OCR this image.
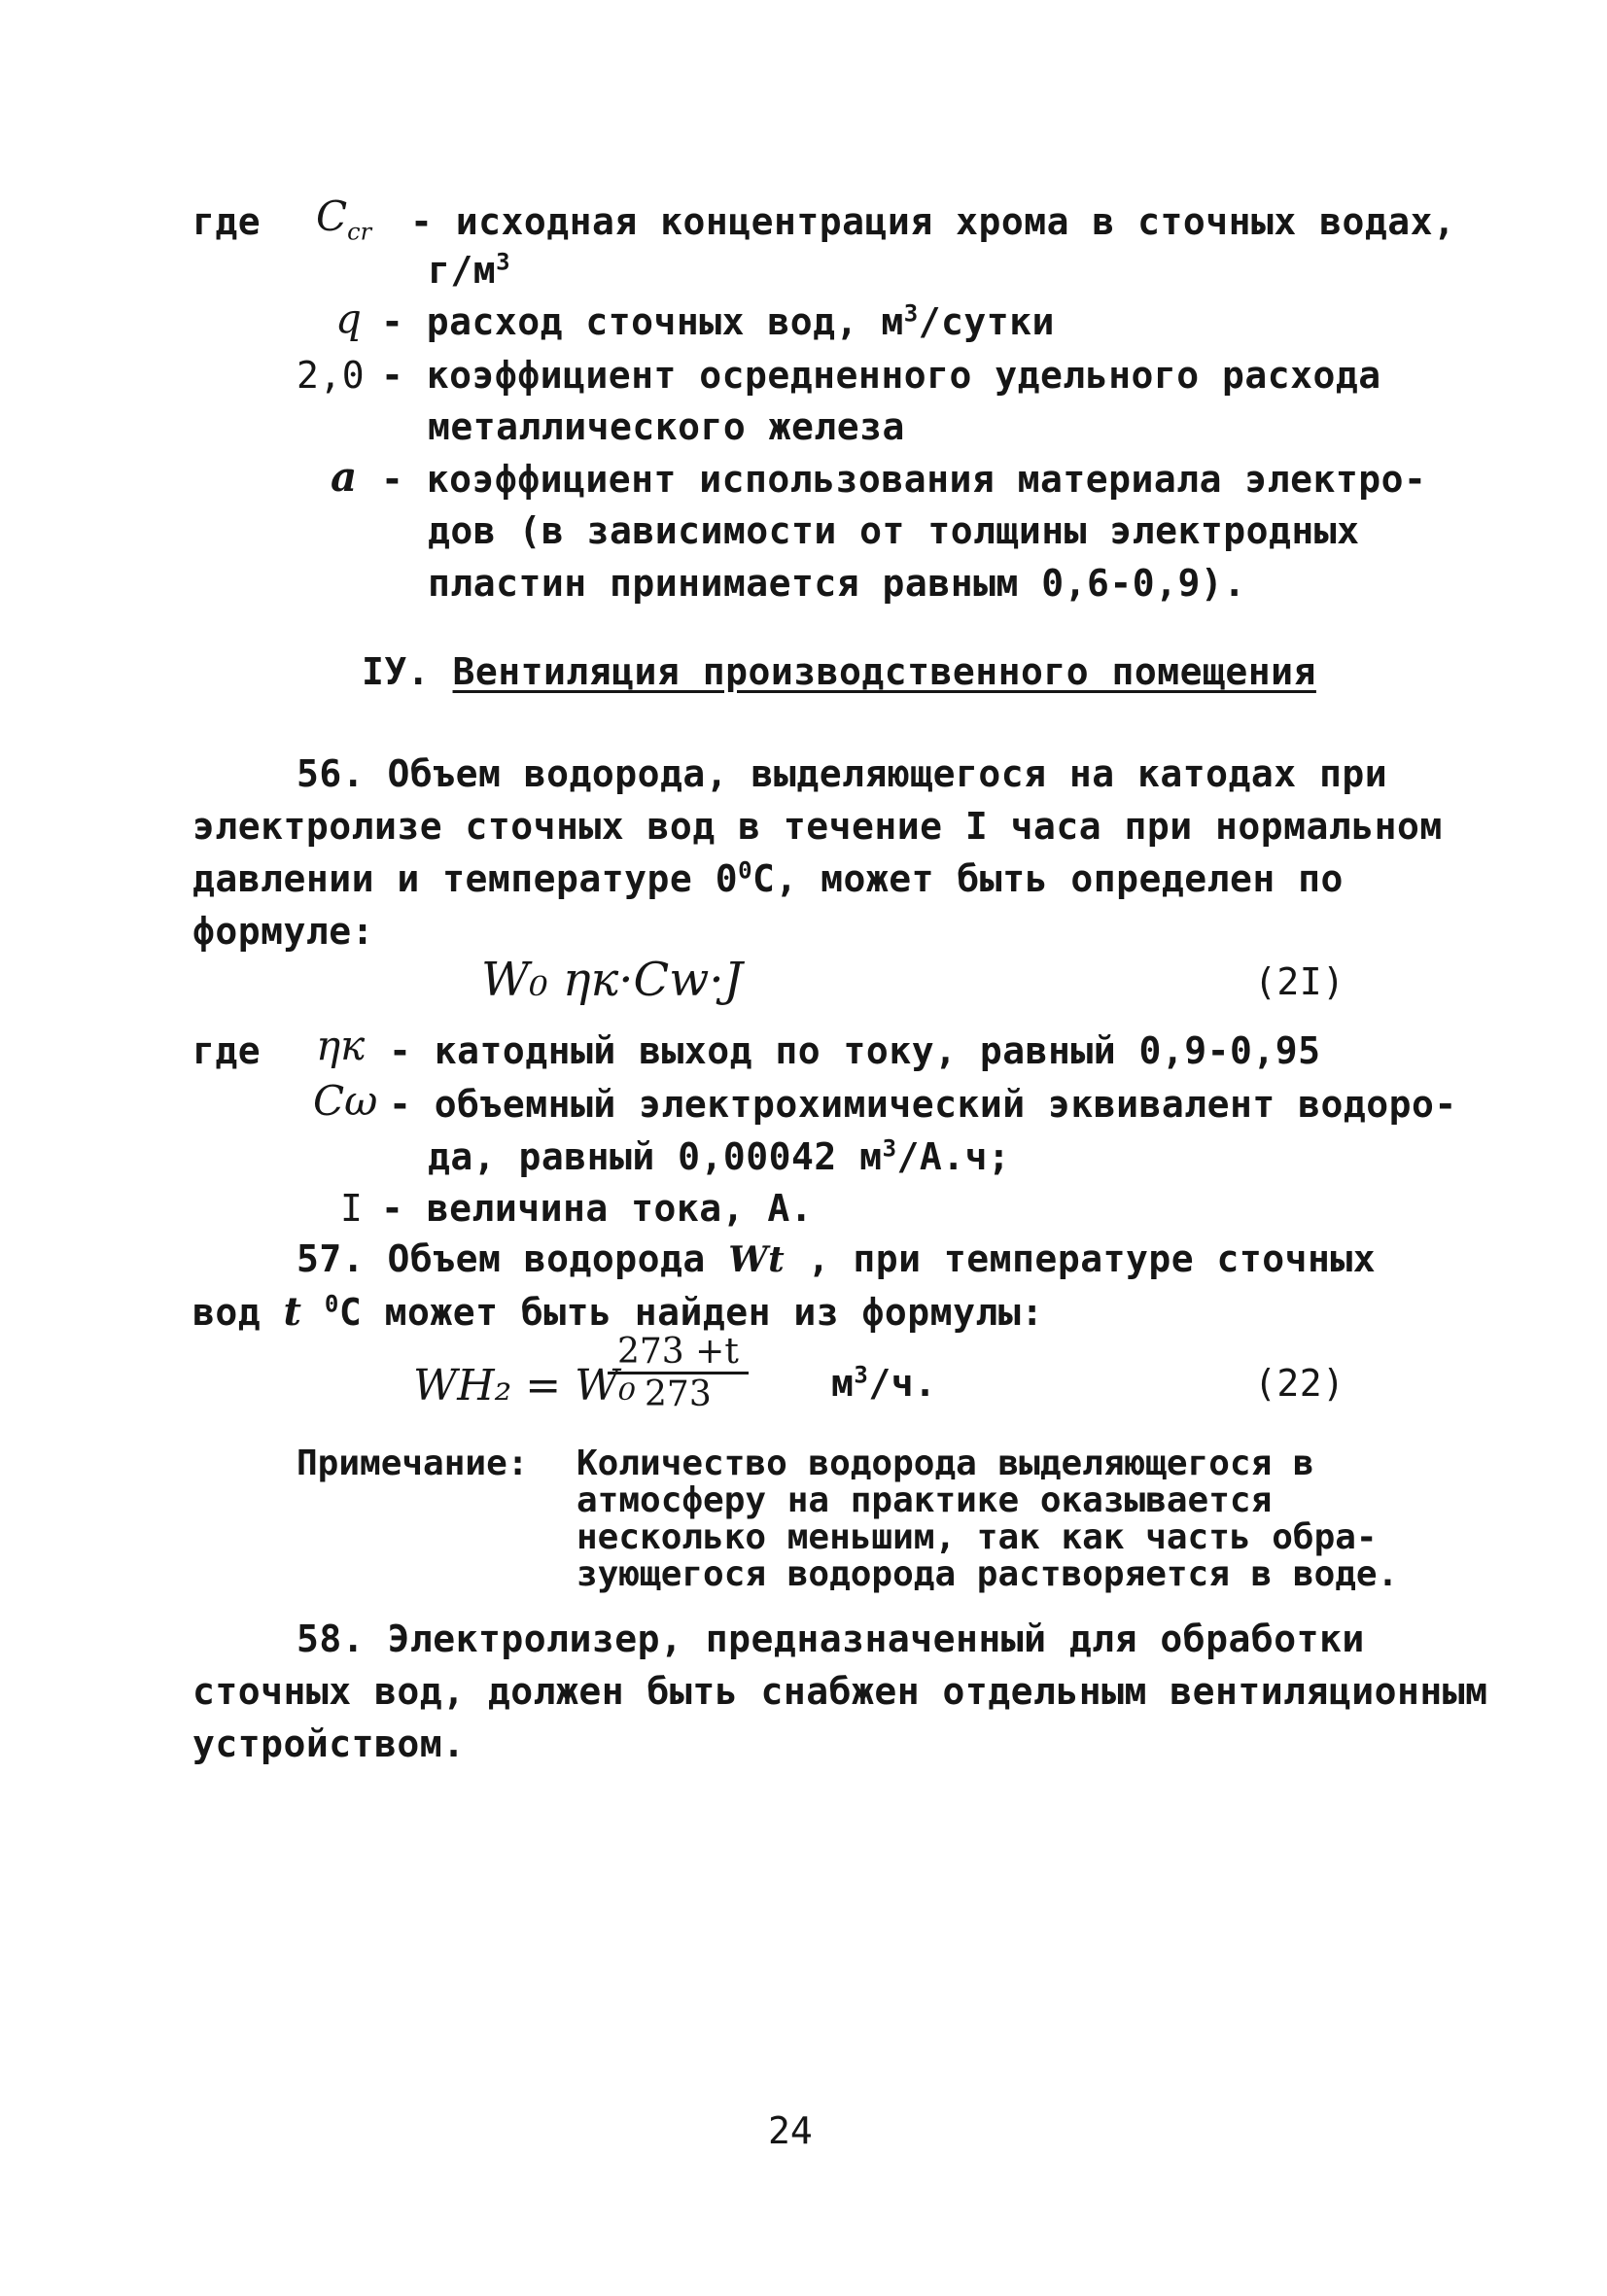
где $C_{cr}$ - исходная концентрация хрома в сточных водах,
$г/м^3$
q - расход сточных вод, $м^3$/сутки
2,0 - коэффициент осредненного удельного расхода
металлического железа
a - коэффициент использования материала электро-
дов (в зависимости от толщины электродных
пластин принимается равным 0,6-0,9).
IУ. Вентиляция производственного помещения
56. Объем водорода, выделяющегося на катодах при
электролизе сточных вод в течение I часа при нормальном
давлении и температуре $0^0С$, может быть определен по
формуле:
W₀ ηк·Cw·J	(2I)
где ηк - катодный выход по току, равный 0,9-0,95
Cω - объемный электрохимический эквивалент водоро-
да, равный 0,00042 $м^3/А.ч$;
I - величина тока, А.
57. Объем водорода Wt , при температуре сточных
вод t $^0$С может быть найден из формулы:
WH₂ = W₀
$\frac{273 +t}{273} м^3/ч$.	(22)
Примечание: Количество водорода выделяющегося в
атмосферу на практике оказывается
несколько меньшим, так как часть обра-
зующегося водорода растворяется в воде.
58. Электролизер, предназначенный для обработки
сточных вод, должен быть снабжен отдельным вентиляционным
устройством.
24
